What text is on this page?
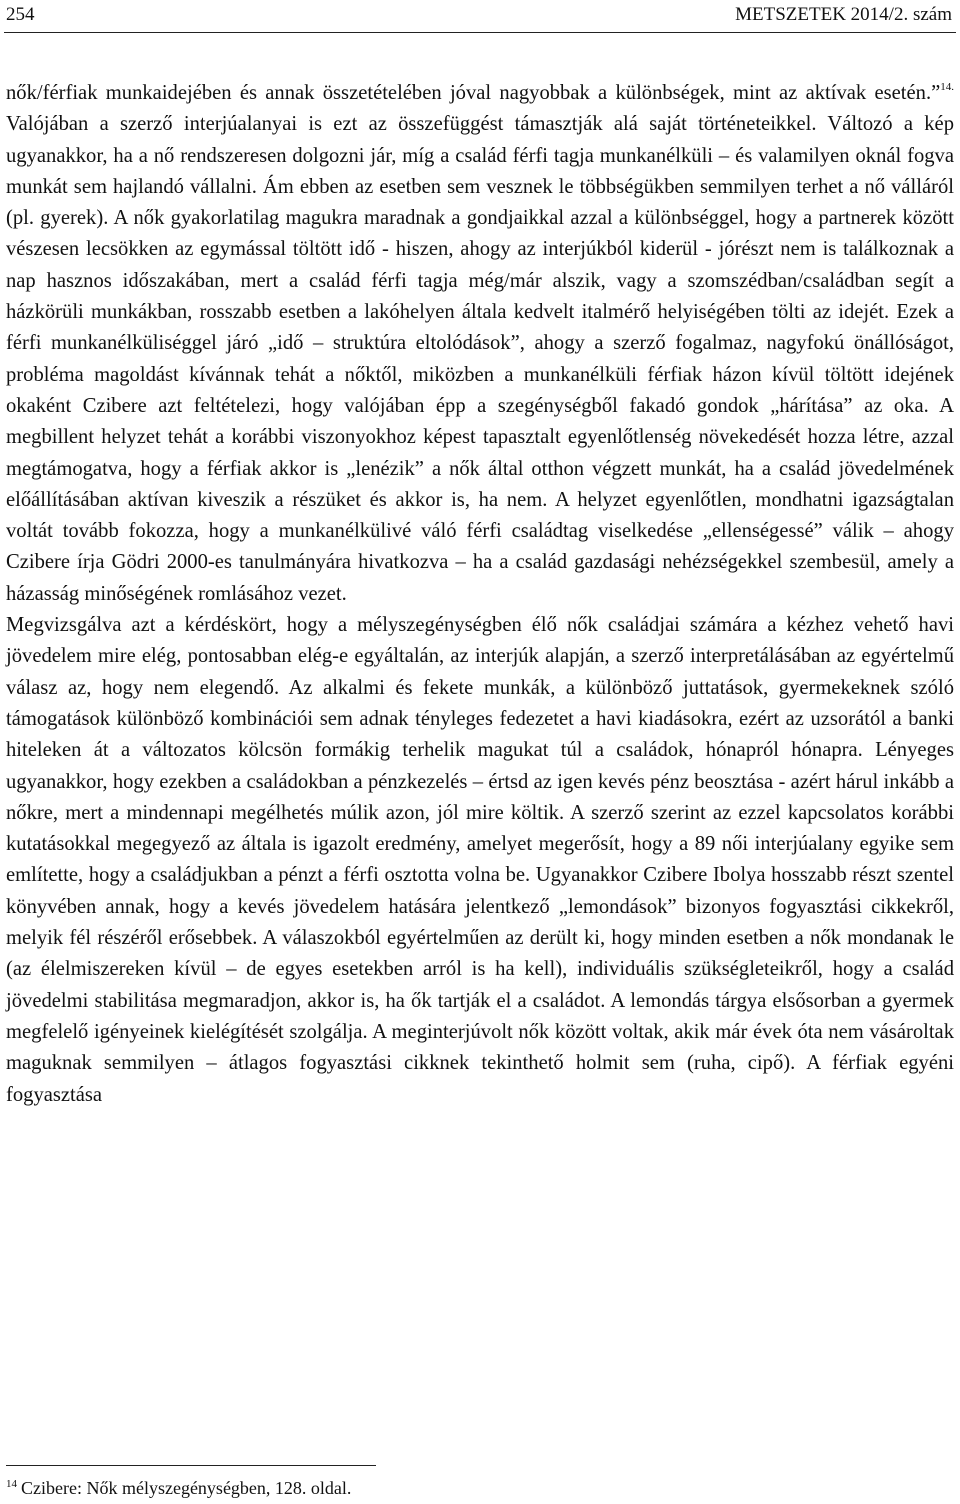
254	METSZETEK 2014/2. szám

nők/férfiak munkaidejében és annak összetételében jóval nagyobbak a különbségek, mint az aktívak esetén.”$^{14.}$ Valójában a szerző interjúalanyai is ezt az összefüggést támasztják alá saját történeteikkel. Változó a kép ugyanakkor, ha a nő rendszeresen dolgozni jár, míg a család férfi tagja munkanélküli – és valamilyen oknál fogva munkát sem hajlandó vállalni. Ám ebben az esetben sem vesznek le többségükben semmilyen terhet a nő válláról (pl. gyerek). A nők gyakorlatilag magukra maradnak a gondjaikkal azzal a különbséggel, hogy a partnerek között vészesen lecsökken az egymással töltött idő - hiszen, ahogy az interjúkból kiderül - jórészt nem is találkoznak a nap hasznos időszakában, mert a család férfi tagja még/már alszik, vagy a szomszédban/családban segít a házkörüli munkákban, rosszabb esetben a lakóhelyen általa kedvelt italmérő helyiségében tölti az idejét. Ezek a férfi munkanélküliséggel járó „idő – struktúra eltolódások”, ahogy a szerző fogalmaz, nagyfokú önállóságot, probléma magoldást kívánnak tehát a nőktől, miközben a munkanélküli férfiak házon kívül töltött idejének okaként Czibere azt feltételezi, hogy valójában épp a szegénységből fakadó gondok „hárítása” az oka. A megbillent helyzet tehát a korábbi viszonyokhoz képest tapasztalt egyenlőtlenség növekedését hozza létre, azzal megtámogatva, hogy a férfiak akkor is „lenézik” a nők által otthon végzett munkát, ha a család jövedelmének előállításában aktívan kiveszik a részüket és akkor is, ha nem. A helyzet egyenlőtlen, mondhatni igazságtalan voltát tovább fokozza, hogy a munkanélkülivé váló férfi családtag viselkedése „ellenségessé” válik – ahogy Czibere írja Gödri 2000-es tanulmányára hivatkozva – ha a család gazdasági nehézségekkel szembesül, amely a házasság minőségének romlásához vezet.

Megvizsgálva azt a kérdéskört, hogy a mélyszegénységben élő nők családjai számára a kézhez vehető havi jövedelem mire elég, pontosabban elég-e egyáltalán, az interjúk alapján, a szerző interpretálásában az egyértelmű válasz az, hogy nem elegendő. Az alkalmi és fekete munkák, a különböző juttatások, gyermekeknek szóló támogatások különböző kombinációi sem adnak tényleges fedezetet a havi kiadásokra, ezért az uzsorától a banki hiteleken át a változatos kölcsön formákig terhelik magukat túl a családok, hónapról hónapra. Lényeges ugyanakkor, hogy ezekben a családokban a pénzkezelés – értsd az igen kevés pénz beosztása - azért hárul inkább a nőkre, mert a mindennapi megélhetés múlik azon, jól mire költik. A szerző szerint az ezzel kapcsolatos korábbi kutatásokkal megegyező az általa is igazolt eredmény, amelyet megerősít, hogy a 89 női interjúalany egyike sem említette, hogy a családjukban a pénzt a férfi osztotta volna be. Ugyanakkor Czibere Ibolya hosszabb részt szentel könyvében annak, hogy a kevés jövedelem hatására jelentkező „lemondások” bizonyos fogyasztási cikkekről, melyik fél részéről erősebbek. A válaszokból egyértelműen az derült ki, hogy minden esetben a nők mondanak le (az élelmiszereken kívül – de egyes esetekben arról is ha kell), individuális szükségleteikről, hogy a család jövedelmi stabilitása megmaradjon, akkor is, ha ők tartják el a családot. A lemondás tárgya elsősorban a gyermek megfelelő igényeinek kielégítését szolgálja. A meginterjúvolt nők között voltak, akik már évek óta nem vásároltak maguknak semmilyen – átlagos fogyasztási cikknek tekinthető holmit sem (ruha, cipő). A férfiak egyéni fogyasztása

$^{14}$ Czibere: Nők mélyszegénységben, 128. oldal.
